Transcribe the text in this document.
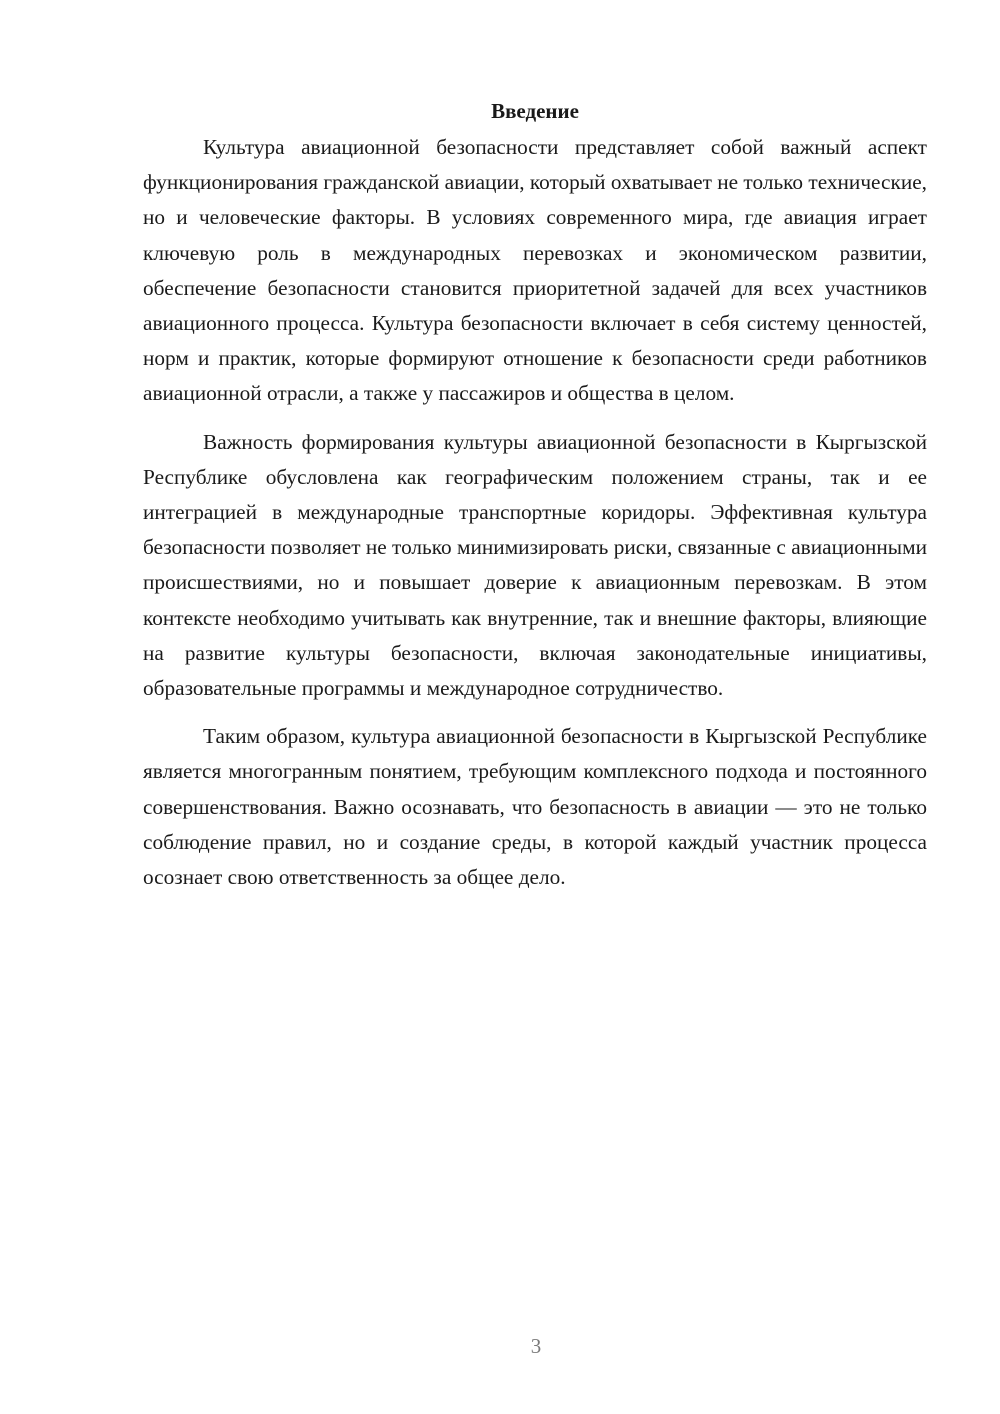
Введение

Культура авиационной безопасности представляет собой важный аспект функционирования гражданской авиации, который охватывает не только технические, но и человеческие факторы. В условиях современного мира, где авиация играет ключевую роль в международных перевозках и экономическом развитии, обеспечение безопасности становится приоритетной задачей для всех участников авиационного процесса. Культура безопасности включает в себя систему ценностей, норм и практик, которые формируют отношение к безопасности среди работников авиационной отрасли, а также у пассажиров и общества в целом.

Важность формирования культуры авиационной безопасности в Кыргызской Республике обусловлена как географическим положением страны, так и ее интеграцией в международные транспортные коридоры. Эффективная культура безопасности позволяет не только минимизировать риски, связанные с авиационными происшествиями, но и повышает доверие к авиационным перевозкам. В этом контексте необходимо учитывать как внутренние, так и внешние факторы, влияющие на развитие культуры безопасности, включая законодательные инициативы, образовательные программы и международное сотрудничество.

Таким образом, культура авиационной безопасности в Кыргызской Республике является многогранным понятием, требующим комплексного подхода и постоянного совершенствования. Важно осознавать, что безопасность в авиации — это не только соблюдение правил, но и создание среды, в которой каждый участник процесса осознает свою ответственность за общее дело.

3
